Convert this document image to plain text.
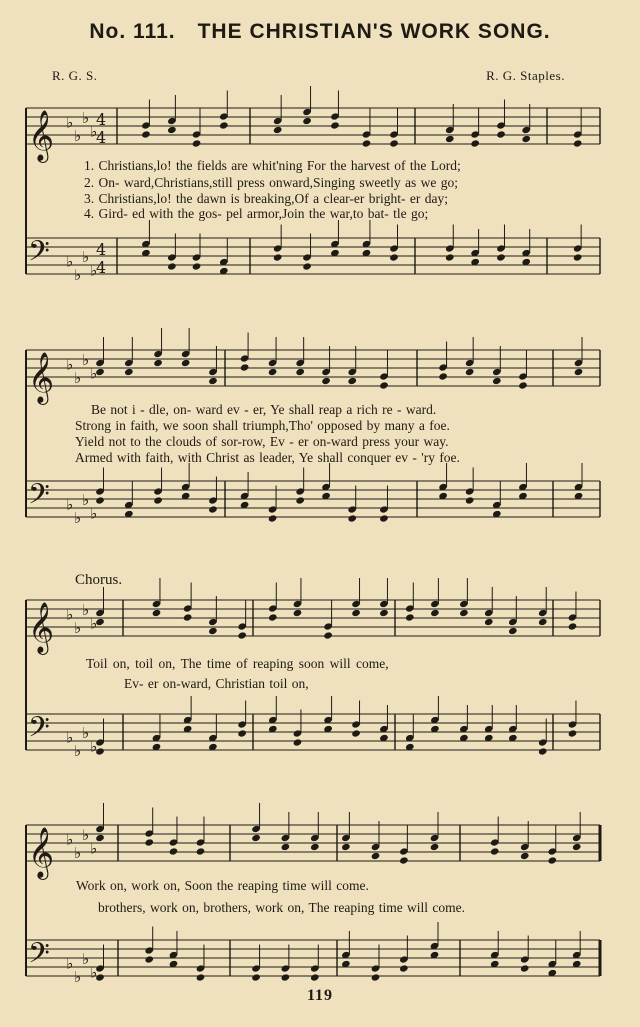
No. 111. THE CHRISTIAN'S WORK SONG.
R. G. S.	R. G. Staples.
𝄞
𝄢
♭
♭
♭
♭
♭
♭
♭
♭
4
4
4
4
𝄞
𝄢
♭
♭
♭
♭
♭
♭
♭
♭
𝄞
𝄢
♭
♭
♭
♭
♭
♭
♭
♭
𝄞
𝄢
♭
♭
♭
♭
♭
♭
♭
♭
1. Christians,lo! the fields are whit'ning For the harvest of the Lord;
2. On- ward,Christians,still press onward,Singing sweetly as we go;
3. Christians,lo! the dawn is breaking,Of a clear-er bright- er day;
4. Gird- ed with the gos- pel armor,Join the war,to bat- tle go;
Be not i - dle, on- ward ev - er, Ye shall reap a rich re - ward.
Strong in faith, we soon shall triumph,Tho' opposed by many a foe.
Yield not to the clouds of sor-row, Ev - er on-ward press your way.
Armed with faith, with Christ as leader, Ye shall conquer ev - 'ry foe.
Chorus.
Toil on, toil on, The time of reaping soon will come,
Ev- er on-ward, Christian toil on,
Work on, work on, Soon the reaping time will come.
brothers, work on, brothers, work on, The reaping time will come.
119
